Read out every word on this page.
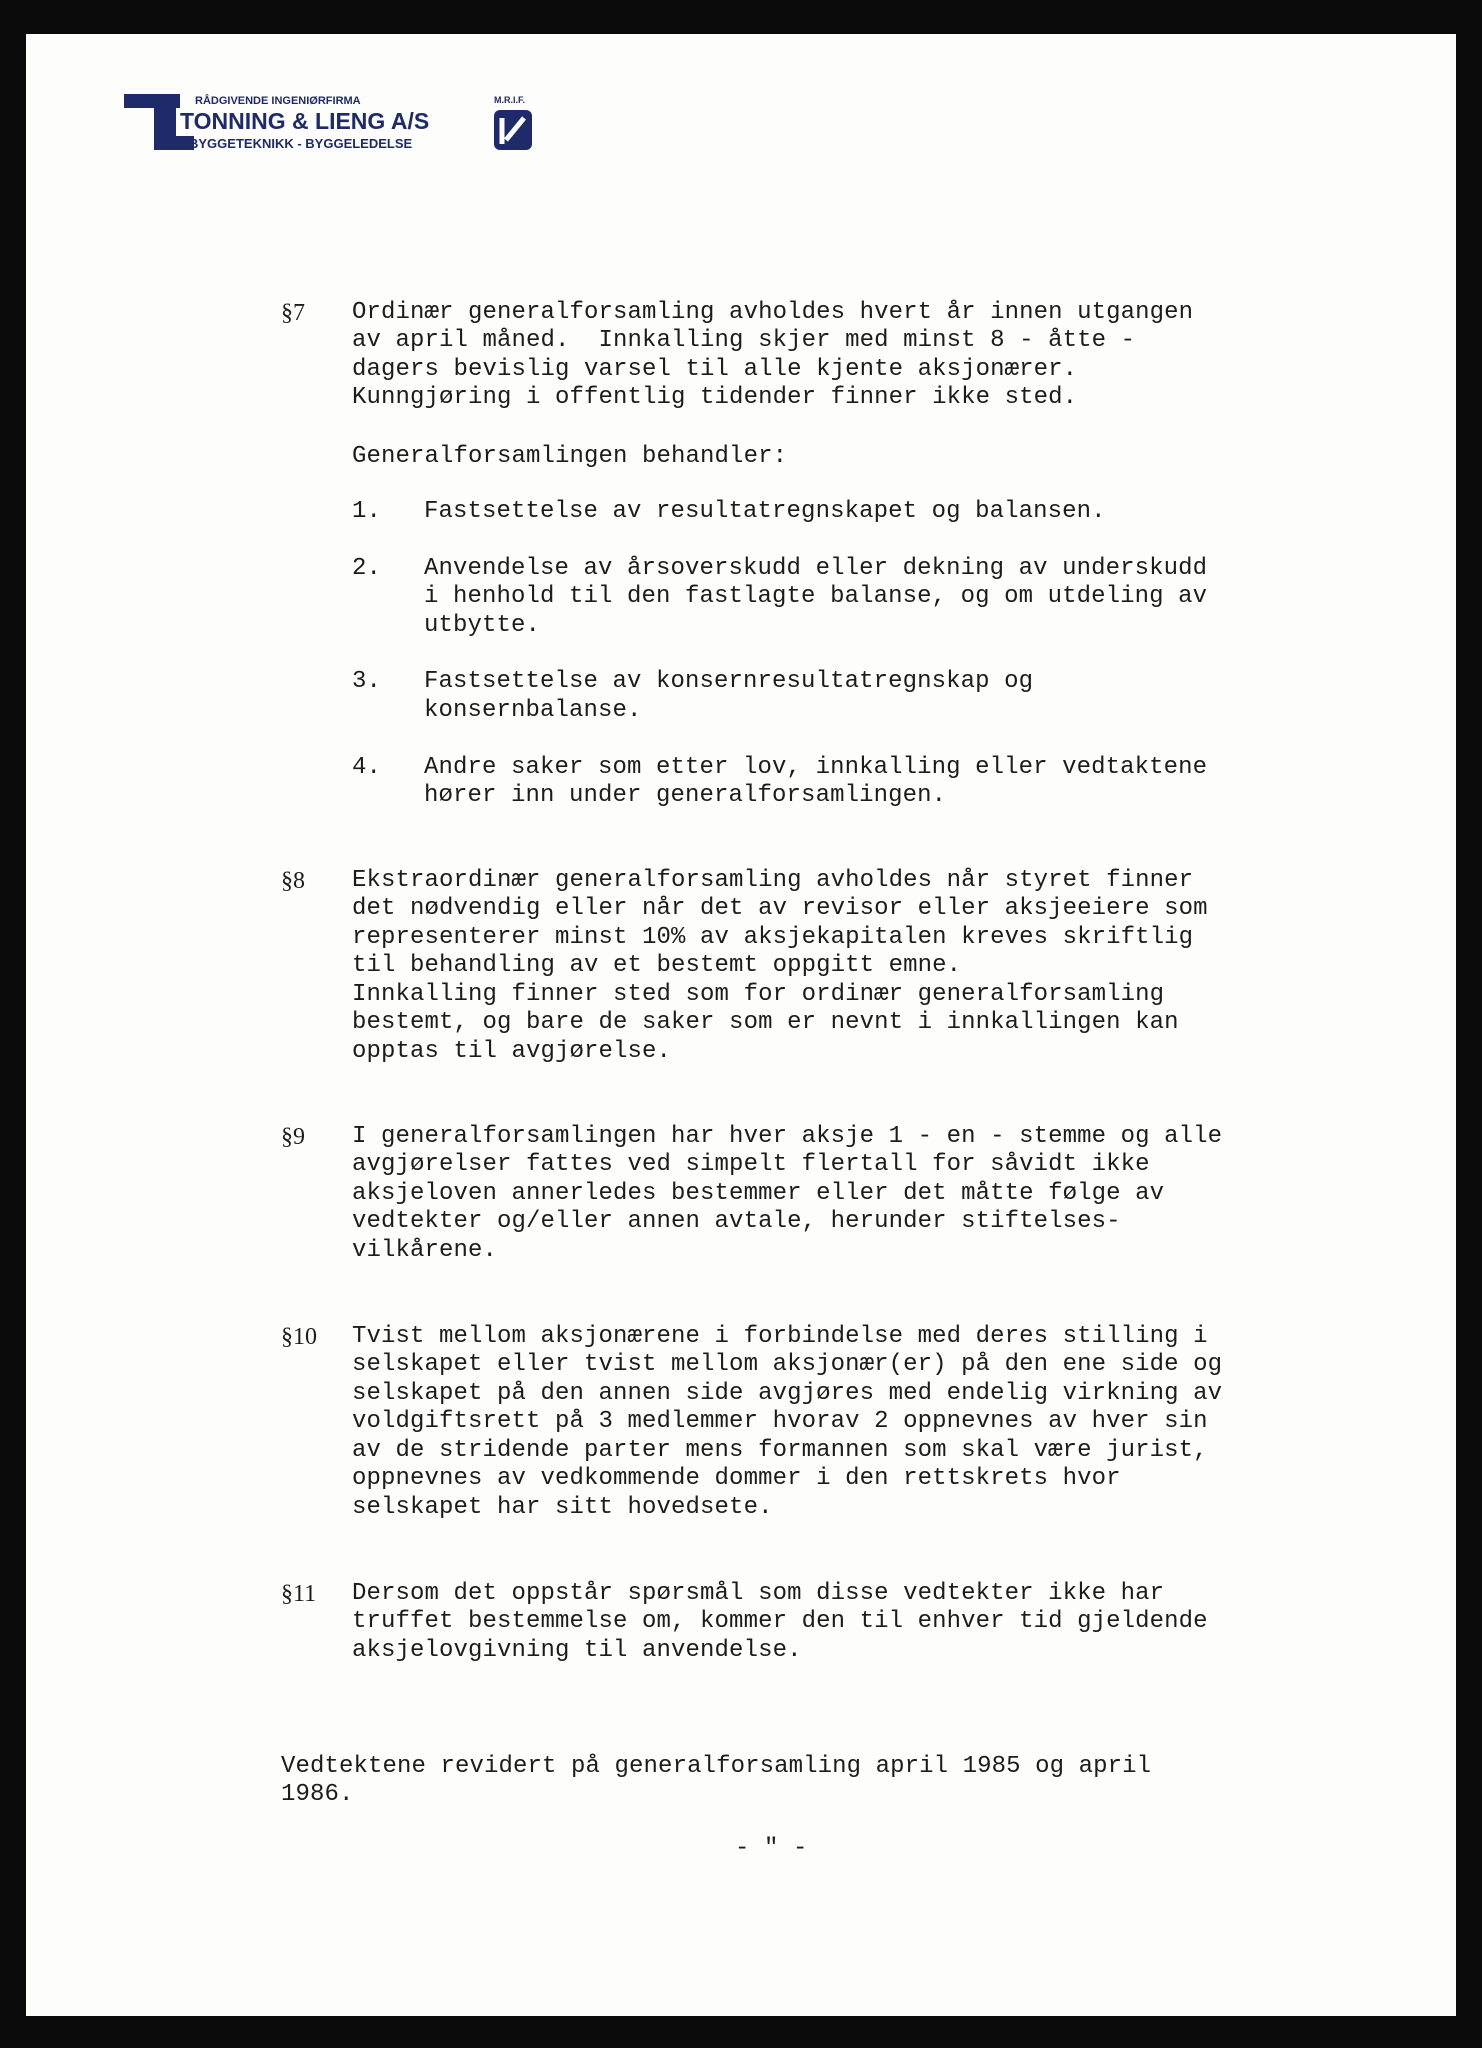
RÅDGIVENDE INGENIØRFIRMA
TONNING & LIENG A/S
BYGGETEKNIKK - BYGGELEDELSE
M.R.I.F.
§7 Ordinær generalforsamling avholdes hvert år innen utgangen
av april måned.  Innkalling skjer med minst 8 - åtte -
dagers bevislig varsel til alle kjente aksjonærer.
Kunngjøring i offentlig tidender finner ikke sted.
Generalforsamlingen behandler:
1. Fastsettelse av resultatregnskapet og balansen.
2. Anvendelse av årsoverskudd eller dekning av underskudd
i henhold til den fastlagte balanse, og om utdeling av
utbytte.
3. Fastsettelse av konsernresultatregnskap og
konsernbalanse.
4. Andre saker som etter lov, innkalling eller vedtaktene
hører inn under generalforsamlingen.
§8 Ekstraordinær generalforsamling avholdes når styret finner
det nødvendig eller når det av revisor eller aksjeeiere som
representerer minst 10% av aksjekapitalen kreves skriftlig
til behandling av et bestemt oppgitt emne.
Innkalling finner sted som for ordinær generalforsamling
bestemt, og bare de saker som er nevnt i innkallingen kan
opptas til avgjørelse.
§9 I generalforsamlingen har hver aksje 1 - en - stemme og alle
avgjørelser fattes ved simpelt flertall for såvidt ikke
aksjeloven annerledes bestemmer eller det måtte følge av
vedtekter og/eller annen avtale, herunder stiftelses-
vilkårene.
§10 Tvist mellom aksjonærene i forbindelse med deres stilling i
selskapet eller tvist mellom aksjonær(er) på den ene side og
selskapet på den annen side avgjøres med endelig virkning av
voldgiftsrett på 3 medlemmer hvorav 2 oppnevnes av hver sin
av de stridende parter mens formannen som skal være jurist,
oppnevnes av vedkommende dommer i den rettskrets hvor
selskapet har sitt hovedsete.
§11 Dersom det oppstår spørsmål som disse vedtekter ikke har
truffet bestemmelse om, kommer den til enhver tid gjeldende
aksjelovgivning til anvendelse.
Vedtektene revidert på generalforsamling april 1985 og april
1986.
- " -
